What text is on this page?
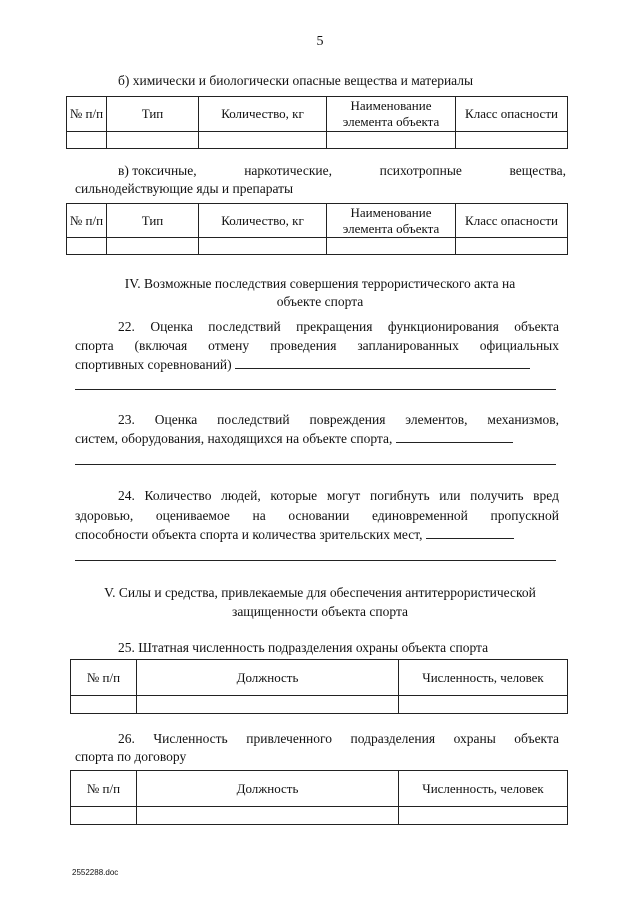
5
б) химически и биологически опасные вещества и материалы
№ п/п	Тип	Количество, кг	Наименование элемента объекта	Класс опасности

в) токсичные,	наркотические,	психотропные	вещества,
сильнодействующие яды и препараты
№ п/п	Тип	Количество, кг	Наименование элемента объекта	Класс опасности

IV. Возможные последствия совершения террористического акта на
объекте спорта
22. Оценка последствий прекращения функционирования объекта
спорта (включая отмену проведения запланированных официальных
спортивных соревнований)
23. Оценка последствий повреждения элементов, механизмов,
систем, оборудования, находящихся на объекте спорта,
24. Количество людей, которые могут погибнуть или получить вред
здоровью, оцениваемое на основании единовременной пропускной
способности объекта спорта и количества зрительских мест,
V. Силы и средства, привлекаемые для обеспечения антитеррористической
защищенности объекта спорта
25. Штатная численность подразделения охраны объекта спорта
№ п/п	Должность	Численность, человек

26. Численность привлеченного подразделения охраны объекта
спорта по договору
№ п/п	Должность	Численность, человек

2552288.doc
